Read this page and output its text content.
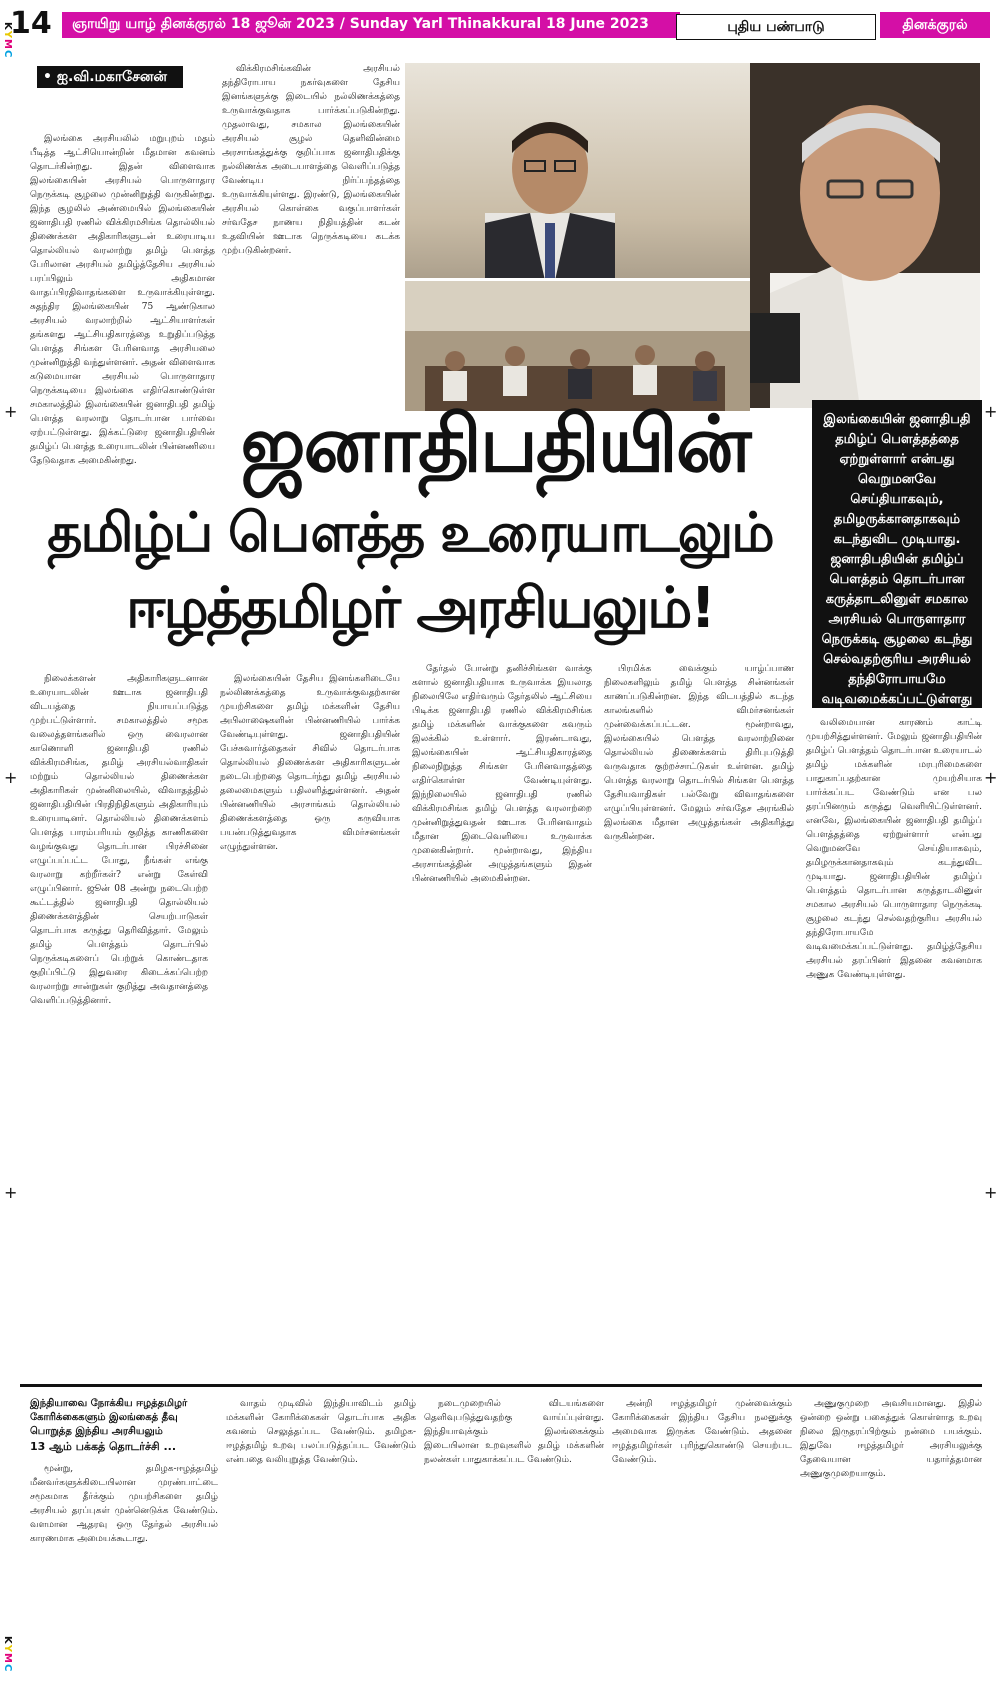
14 ஞாயிறு யாழ் தினக்குரல் 18 ஜூன் 2023 / Sunday Yarl Thinakkural 18 June 2023	புதிய பண்பாடு	தினக்குரல்
KYMC
KYMC
+
+
+
+
+
+
• ஐ.வி.மகாசேனன்

இலங்கை அரசியலில் மறுபுறம் மதம் பீடித்த ஆட்சியொன்றின் மீதமான கவனம் தொடர்கின்றது. இதன் விளைவாக இலங்கையின் அரசியல் பொருளாதார நெருக்கடி சூழலை முன்னிறுத்தி வருகின்றது. இந்த சூழலில் அண்மையில் இலங்கையின் ஜனாதிபதி ரணில் விக்கிரமசிங்க தொல்லியல் திணைக்கள அதிகாரிகளுடன் உரையாடிய தொல்லியல் வரலாற்று தமிழ் பௌத்த பேரிலான அரசியல் தமிழ்த்தேசிய அரசியல் பரப்பிலும் அதிகமான வாதப்பிரதிவாதங்களை உருவாக்கியுள்ளது. சுதந்திர இலங்கையின் 75 ஆண்டுகால அரசியல் வரலாற்றில் ஆட்சியாளர்கள் தங்களது ஆட்சியதிகாரத்தை உறுதிப்படுத்த பௌத்த சிங்கள பேரினவாத அரசியலை முன்னிறுத்தி வந்துள்ளனர். அதன் விளைவாக கடுமையான அரசியல் பொருளாதார நெருக்கடியை இலங்கை எதிர்கொண்டுள்ள சமகாலத்தில் இலங்கையின் ஜனாதிபதி தமிழ் பௌத்த வரலாறு தொடர்பான பார்வை ஏற்பட்டுள்ளது. இக்கட்டுரை ஜனாதிபதியின் தமிழ்ப் பௌத்த உரையாடலின் பின்னணியை தேடுவதாக அமைகின்றது.

விக்கிரமசிங்கவின் அரசியல் தந்திரோபாய நகர்வுகளை தேசிய இனங்களுக்கு இடையில் நல்லிணக்கத்தை உருவாக்குவதாக பார்க்கப்படுகின்றது. முதலாவது, சமகால இலங்கையின் அரசியல் சூழல் தெளிவின்மை அரசாங்கத்துக்கு குறிப்பாக ஜனாதிபதிக்கு நல்லிணக்க அடையாளத்தை வெளிப்படுத்த வேண்டிய நிர்ப்பந்தத்தை உருவாக்கியுள்ளது. இரண்டு, இலங்கையின் அரசியல் கொள்கை வகுப்பாளர்கள் சர்வதேச நாணய நிதியத்தின் கடன் உதவியின் ஊடாக நெருக்கடியை கடக்க முற்படுகின்றனர்.

இலங்கையின் ஜனாதிபதி தமிழ்ப் பௌத்தத்தை ஏற்றுள்ளார் என்பது வெறுமனவே செய்தியாகவும், தமிழருக்கானதாகவும் கடந்துவிட முடியாது. ஜனாதிபதியின் தமிழ்ப் பௌத்தம் தொடர்பான கருத்தாடலினுள் சமகால அரசியல் பொருளாதார நெருக்கடி சூழலை கடந்து செல்வதற்குரிய அரசியல் தந்திரோபாயமே வடிவமைக்கப்பட்டுள்ளது
ஜனாதிபதியின்
தமிழ்ப் பௌத்த உரையாடலும்
ஈழத்தமிழர் அரசியலும்!

நிலைக்களன் அதிகாரிகளுடனான உரையாடலின் ஊடாக ஜனாதிபதி விடயத்தை நியாயப்படுத்த முற்பட்டுள்ளார். சமகாலத்தில் சமூக வலைத்தளங்களில் ஒரு வைரலான காணொளி ஜனாதிபதி ரணில் விக்கிரமசிங்க, தமிழ் அரசியல்வாதிகள் மற்றும் தொல்லியல் திணைக்கள அதிகாரிகள் முன்னிலையில், விவாதத்தில் ஜனாதிபதியின் பிரதிநிதிகளும் அதிகாரியும் உரையாடினர். தொல்லியல் திணைக்களம் பௌத்த பாரம்பரியம் குறித்த காணிகளை வழங்குவது தொடர்பான பிரச்சினை எழுப்பப்பட்ட போது, நீங்கள் எங்கு வரலாறு கற்றீர்கள்? என்று கேள்வி எழுப்பினார். ஜூன் 08 அன்று நடைபெற்ற கூட்டத்தில் ஜனாதிபதி தொல்லியல் திணைக்களத்தின் செயற்பாடுகள் தொடர்பாக கருத்து தெரிவித்தார். மேலும் தமிழ் பௌத்தம் தொடர்பில் நெருக்கடிகளைப் பெற்றுக் கொண்டதாக குறிப்பிட்டு இதுவரை கிடைக்கப்பெற்ற வரலாற்று சான்றுகள் குறித்து அவதானத்தை வெளிப்படுத்தினார்.

இலங்கையின் தேசிய இனங்களிடையே நல்லிணக்கத்தை உருவாக்குவதற்கான முயற்சிகளை தமிழ் மக்களின் தேசிய அபிலாஷைகளின் பின்னணியில் பார்க்க வேண்டியுள்ளது. ஜனாதிபதியின் பேச்சுவார்த்தைகள் சிவில் தொடர்பாக தொல்லியல் திணைக்கள அதிகாரிகளுடன் நடைபெற்றதை தொடர்ந்து தமிழ் அரசியல் தலைமைகளும் பதிலளித்துள்ளனர். அதன் பின்னணியில் அரசாங்கம் தொல்லியல் திணைக்களத்தை ஒரு கருவியாக பயன்படுத்துவதாக விமர்சனங்கள் எழுந்துள்ளன.

தேர்தல் போன்று தனிச்சிங்கள வாக்கு களால் ஜனாதிபதியாக உருவாக்க இயலாத நிலையிலே எதிர்வரும் தேர்தலில் ஆட்சியை பிடிக்க ஜனாதிபதி ரணில் விக்கிரமசிங்க தமிழ் மக்களின் வாக்குகளை கவரும் இலக்கில் உள்ளார். இரண்டாவது, இலங்கையின் ஆட்சியதிகாரத்தை நிலைநிறுத்த சிங்கள பேரினவாதத்தை எதிர்கொள்ள வேண்டியுள்ளது. இந்நிலையில் ஜனாதிபதி ரணில் விக்கிரமசிங்க தமிழ் பௌத்த வரலாற்றை முன்னிறுத்துவதன் ஊடாக பேரினவாதம் மீதான இடைவெளியை உருவாக்க முனைகின்றார். மூன்றாவது, இந்திய அரசாங்கத்தின் அழுத்தங்களும் இதன் பின்னணியில் அமைகின்றன.

பிரமிக்க வைக்கும் யாழ்ப்பாண நிலைகளிலும் தமிழ் பௌத்த சின்னங்கள் காணப்படுகின்றன. இந்த விடயத்தில் கடந்த காலங்களில் விமர்சனங்கள் முன்வைக்கப்பட்டன. மூன்றாவது, இலங்கையில் பௌத்த வரலாற்றினை தொல்லியல் திணைக்களம் திரிபுபடுத்தி வருவதாக குற்றச்சாட்டுகள் உள்ளன. தமிழ் பௌத்த வரலாறு தொடர்பில் சிங்கள பௌத்த தேசியவாதிகள் பல்வேறு விவாதங்களை எழுப்பியுள்ளனர். மேலும் சர்வதேச அரங்கில் இலங்கை மீதான அழுத்தங்கள் அதிகரித்து வருகின்றன.

வலிமையான காரணம் காட்டி முயற்சித்துள்ளனர். மேலும் ஜனாதிபதியின் தமிழ்ப் பௌத்தம் தொடர்பான உரையாடல் தமிழ் மக்களின் மரபுரிமைகளை பாதுகாப்பதற்கான முயற்சியாக பார்க்கப்பட வேண்டும் என பல தரப்பினரும் கருத்து வெளியிட்டுள்ளனர். எனவே, இலங்கையின் ஜனாதிபதி தமிழ்ப் பௌத்தத்தை ஏற்றுள்ளார் என்பது வெறுமனவே செய்தியாகவும், தமிழருக்கானதாகவும் கடந்துவிட முடியாது. ஜனாதிபதியின் தமிழ்ப் பௌத்தம் தொடர்பான கருத்தாடலினுள் சமகால அரசியல் பொருளாதார நெருக்கடி சூழலை கடந்து செல்வதற்குரிய அரசியல் தந்திரோபாயமே வடிவமைக்கப்பட்டுள்ளது. தமிழ்த்தேசிய அரசியல் தரப்பினர் இதனை கவனமாக அணுக வேண்டியுள்ளது.

இந்தியாவை நோக்கிய ஈழத்தமிழர் கோரிக்கைகளும் இலங்கைத் தீவு பொறுத்த இந்திய அரசியலும்
13 ஆம் பக்கத் தொடர்ச்சி ...

மூன்று, தமிழக-ஈழத்தமிழ் மீனவர்களுக்கிடையிலான முரண்பாட்டை சமூகமாக தீர்க்கும் முயற்சிகளை தமிழ் அரசியல் தரப்புகள் முன்னெடுக்க வேண்டும். வளமான ஆதரவு ஒரு தேர்தல் அரசியல் காரணமாக அமையக்கூடாது.

வாதம் முடிவில் இந்தியாவிடம் தமிழ் மக்களின் கோரிக்கைகள் தொடர்பாக அதிக கவனம் செலுத்தப்பட வேண்டும். தமிழக-ஈழத்தமிழ் உறவு பலப்படுத்தப்பட வேண்டும் என்பதை வலியுறுத்த வேண்டும்.

நடைமுறையில் விடயங்களை தெளிவுபடுத்துவதற்கு வாய்ப்புள்ளது. இந்தியாவுக்கும் இலங்கைக்கும் இடையிலான உறவுகளில் தமிழ் மக்களின் நலன்கள் பாதுகாக்கப்பட வேண்டும்.

அன்றி ஈழத்தமிழர் முன்வைக்கும் கோரிக்கைகள் இந்திய தேசிய நலனுக்கு அமைவாக இருக்க வேண்டும். அதனை ஈழத்தமிழர்கள் புரிந்துகொண்டு செயற்பட வேண்டும்.

அணுகுமுறை அவசியமானது. இதில் ஒன்றை ஒன்று பகைத்துக் கொள்ளாத உறவு நிலை இருதரப்பிற்கும் நன்மை பயக்கும். இதுவே ஈழத்தமிழர் அரசியலுக்கு தேவையான யதார்த்தமான அணுகுமுறையாகும்.
